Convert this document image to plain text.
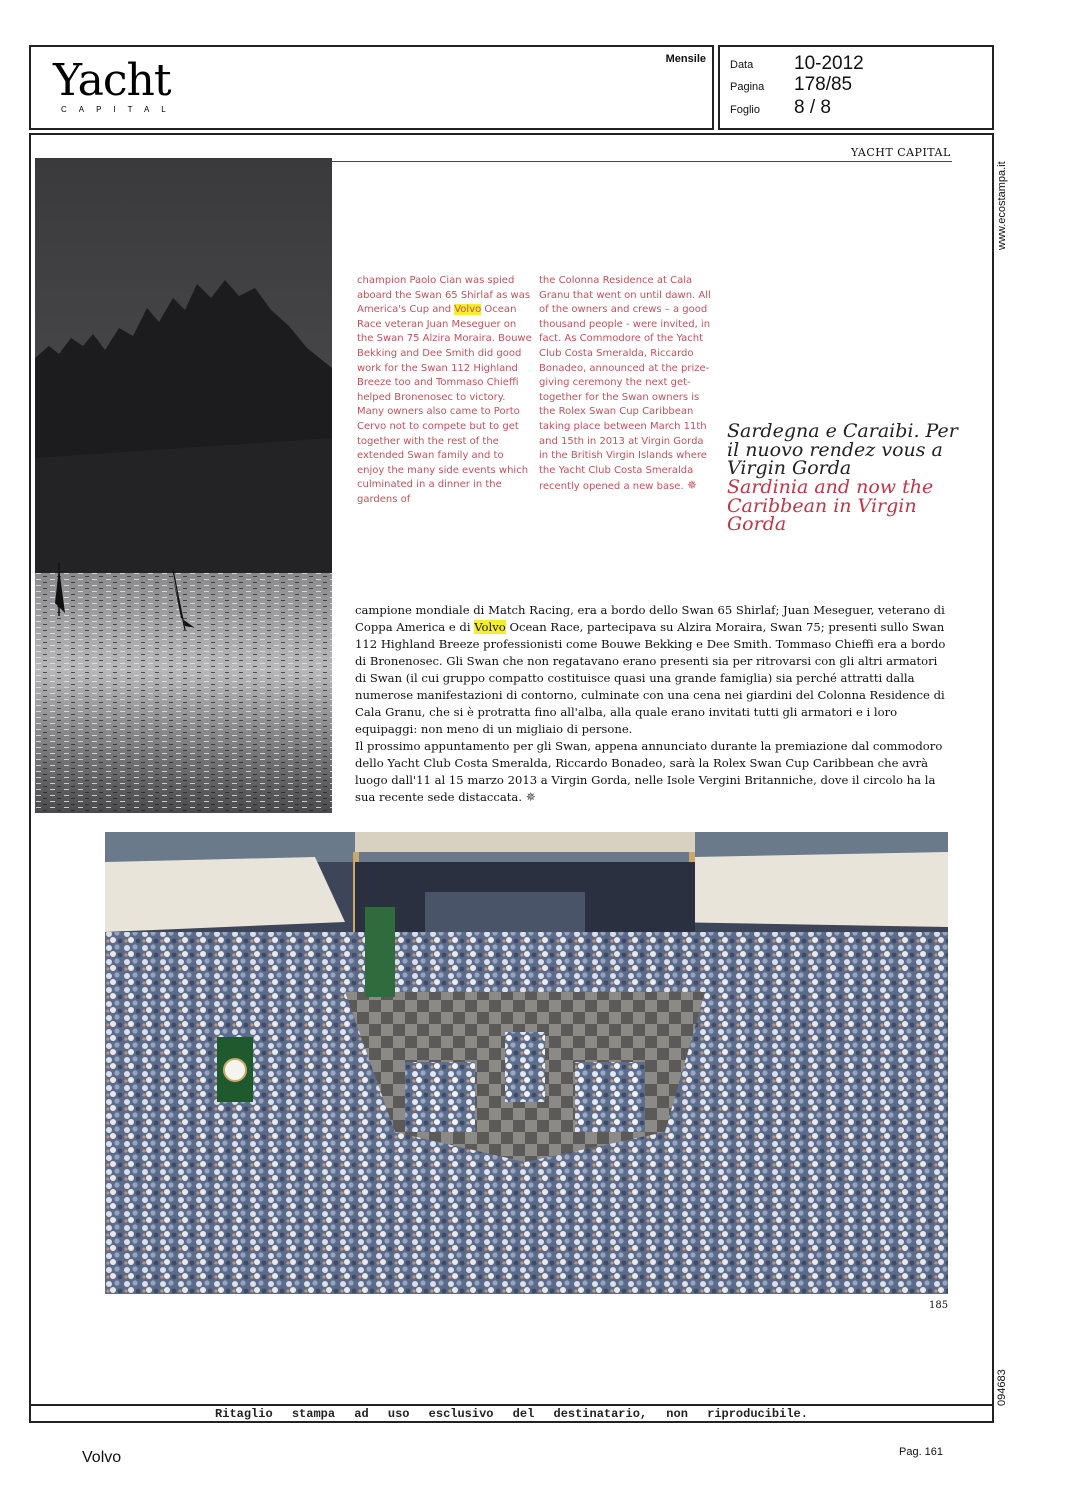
Yacht
CAPITAL
Mensile Data 10-2012
Pagina 178/85
Foglio 8 / 8
www.ecostampa.it
094683
YACHT CAPITAL
champion Paolo Cian was spied aboard the Swan 65 Shirlaf as was America's Cup and Volvo Ocean Race veteran Juan Meseguer on the Swan 75 Alzira Moraira. Bouwe Bekking and Dee Smith did good work for the Swan 112 Highland Breeze too and Tommaso Chieffi helped Bronenosec to victory. Many owners also came to Porto Cervo not to compete but to get together with the rest of the extended Swan family and to enjoy the many side events which culminated in a dinner in the gardens of
the Colonna Residence at Cala Granu that went on until dawn. All of the owners and crews – a good thousand people - were invited, in fact. As Commodore of the Yacht Club Costa Smeralda, Riccardo Bonadeo, announced at the prize-giving ceremony the next get-together for the Swan owners is the Rolex Swan Cup Caribbean taking place between March 11th and 15th in 2013 at Virgin Gorda in the British Virgin Islands where the Yacht Club Costa Smeralda recently opened a new base. ✵
Sardegna e Caraibi. Per il nuovo rendez vous a Virgin Gorda
Sardinia and now the Caribbean in Virgin Gorda

campione mondiale di Match Racing, era a bordo dello Swan 65 Shirlaf; Juan Meseguer, veterano di Coppa America e di Volvo Ocean Race, partecipava su Alzira Moraira, Swan 75; presenti sullo Swan 112 Highland Breeze professionisti come Bouwe Bekking e Dee Smith. Tommaso Chieffi era a bordo di Bronenosec. Gli Swan che non regatavano erano presenti sia per ritrovarsi con gli altri armatori di Swan (il cui gruppo compatto costituisce quasi una grande famiglia) sia perché attratti dalla numerose manifestazioni di contorno, culminate con una cena nei giardini del Colonna Residence di Cala Granu, che si è protratta fino all'alba, alla quale erano invitati tutti gli armatori e i loro equipaggi: non meno di un migliaio di persone.

Il prossimo appuntamento per gli Swan, appena annunciato durante la premiazione dal commodoro dello Yacht Club Costa Smeralda, Riccardo Bonadeo, sarà la Rolex Swan Cup Caribbean che avrà luogo dall'11 al 15 marzo 2013 a Virgin Gorda, nelle Isole Vergini Britanniche, dove il circolo ha la sua recente sede distaccata. ✵

185
Ritaglio stampa ad uso esclusivo del destinatario, non riproducibile.
Volvo	Pag. 161
